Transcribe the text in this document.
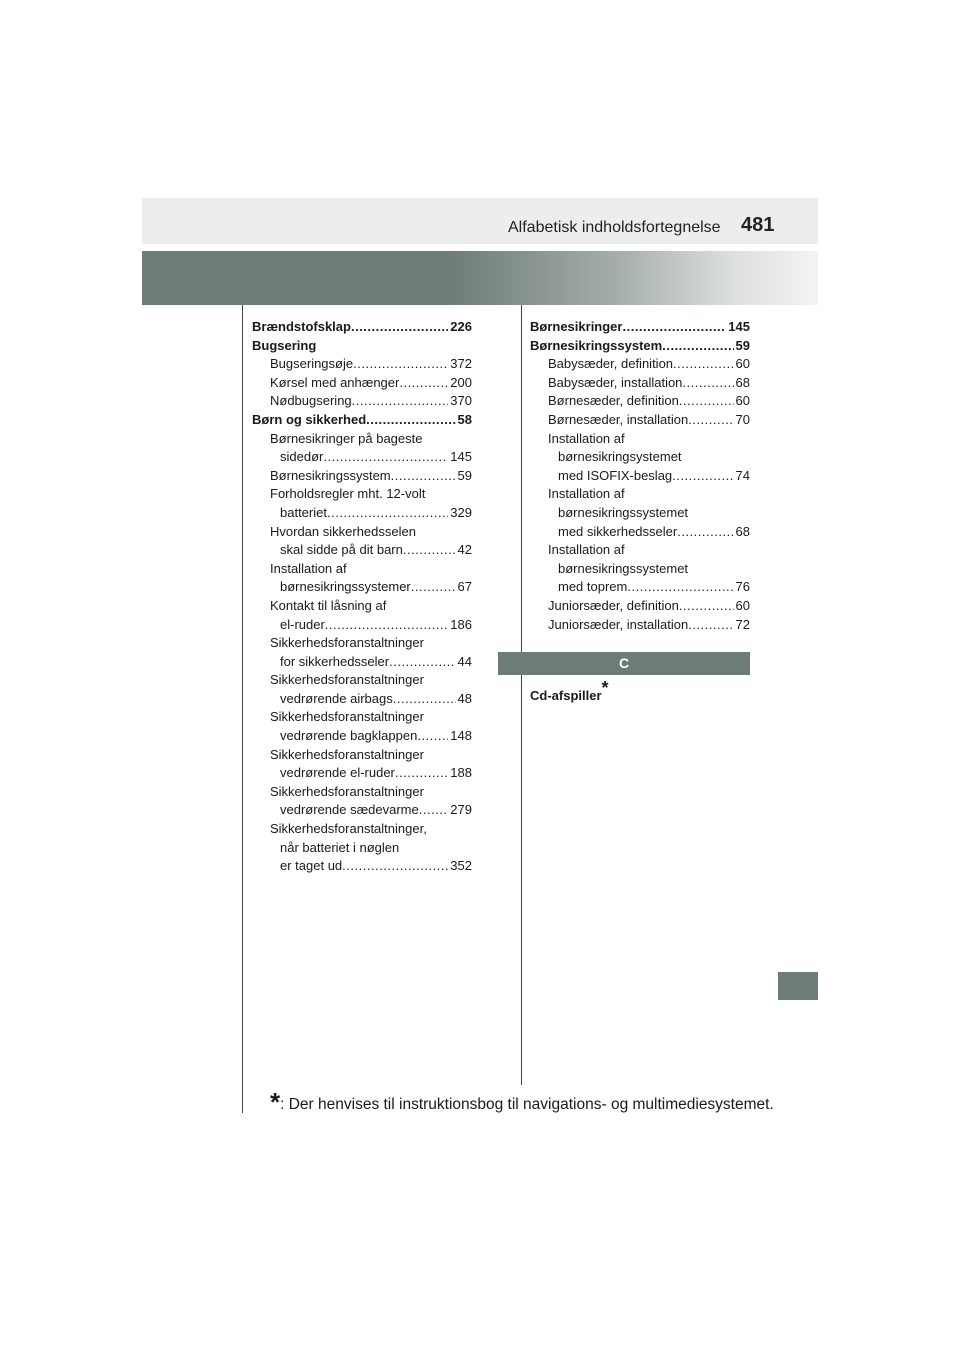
Alfabetisk indholdsfortegnelse 481
Brændstofsklap .....	226
Bugsering
Bugseringsøje .....	372
Kørsel med anhænger .....	200
Nødbugsering .....	370
Børn og sikkerhed .....	58
Børnesikringer på bageste
sidedør .....	145
Børnesikringssystem .....	59
Forholdsregler mht. 12-volt
batteriet .....	329
Hvordan sikkerhedsselen
skal sidde på dit barn .....	42
Installation af
børnesikringssystemer .....	67
Kontakt til låsning af
el-ruder .....	186
Sikkerhedsforanstaltninger
for sikkerhedsseler .....	44
Sikkerhedsforanstaltninger
vedrørende airbags .....	48
Sikkerhedsforanstaltninger
vedrørende bagklappen .....	148
Sikkerhedsforanstaltninger
vedrørende el-ruder .....	188
Sikkerhedsforanstaltninger
vedrørende sædevarme ..... 279
Sikkerhedsforanstaltninger,
når batteriet i nøglen
er taget ud .....	352
Børnesikringer .....	145
Børnesikringssystem .....	59
Babysæder, definition .....	60
Babysæder, installation .....	68
Børnesæder, definition .....	60
Børnesæder, installation .....	70
Installation af
børnesikringsystemet
med ISOFIX-beslag .....	74
Installation af
børnesikringssystemet
med sikkerhedsseler .....	68
Installation af
børnesikringssystemet
med toprem .....	76
Juniorsæder, definition .....	60
Juniorsæder, installation .....	72
C
Cd-afspiller*
*: Der henvises til instruktionsbog til navigations- og multimediesystemet.
